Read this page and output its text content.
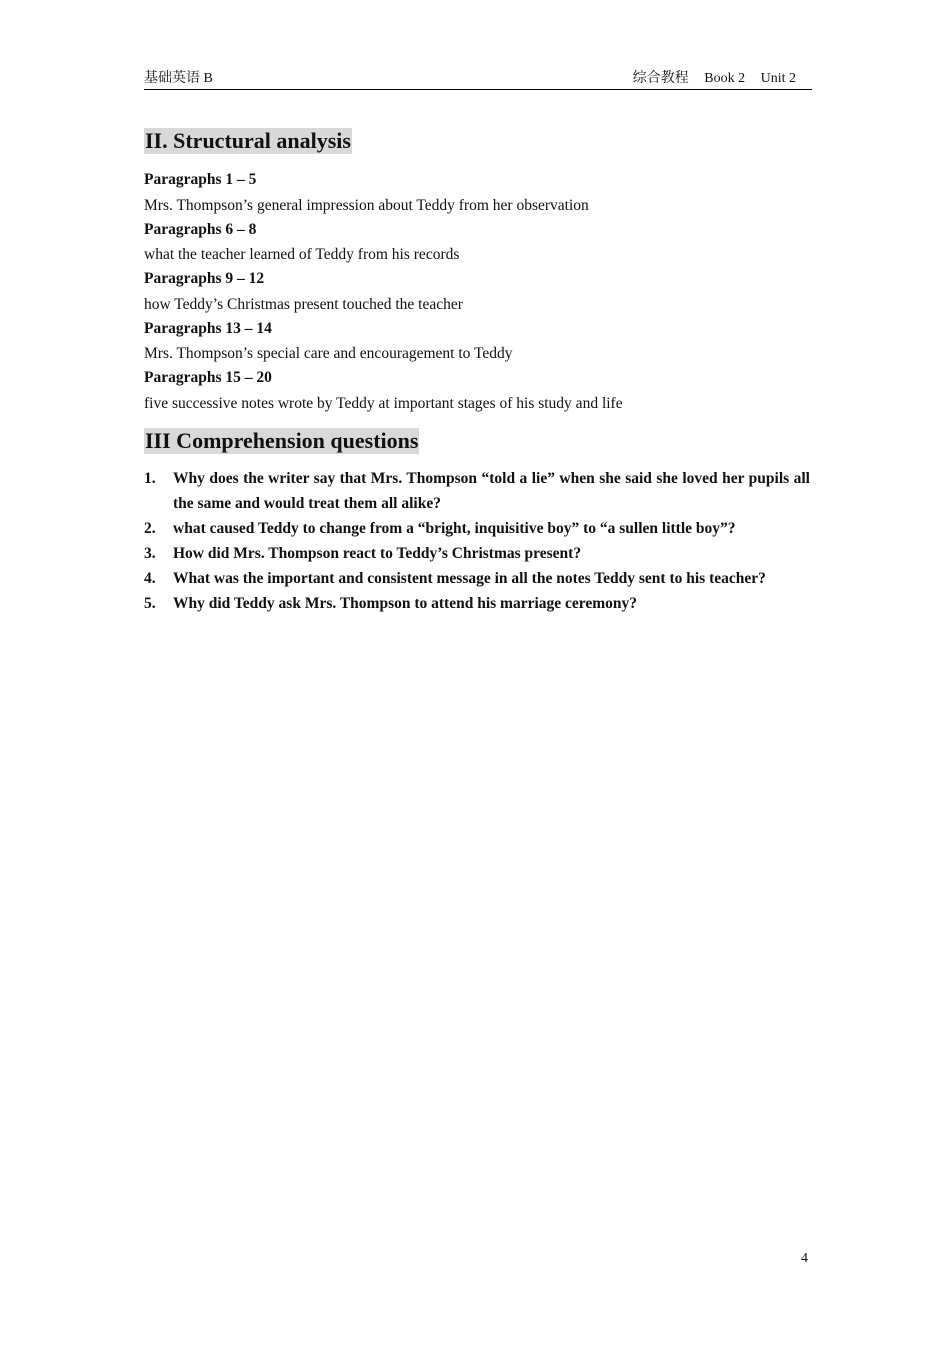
基础英语 B	综合教程 Book 2 Unit 2
II. Structural analysis
Paragraphs 1 – 5
Mrs. Thompson’s general impression about Teddy from her observation
Paragraphs 6 – 8
what the teacher learned of Teddy from his records
Paragraphs 9 – 12
how Teddy’s Christmas present touched the teacher
Paragraphs 13 – 14
Mrs. Thompson’s special care and encouragement to Teddy
Paragraphs 15 – 20
five successive notes wrote by Teddy at important stages of his study and life
III Comprehension questions
1. Why does the writer say that Mrs. Thompson “told a lie” when she said she loved her pupils all the same and would treat them all alike?
2. what caused Teddy to change from a “bright, inquisitive boy” to “a sullen little boy”?
3. How did Mrs. Thompson react to Teddy’s Christmas present?
4. What was the important and consistent message in all the notes Teddy sent to his teacher?
5. Why did Teddy ask Mrs. Thompson to attend his marriage ceremony?
4
